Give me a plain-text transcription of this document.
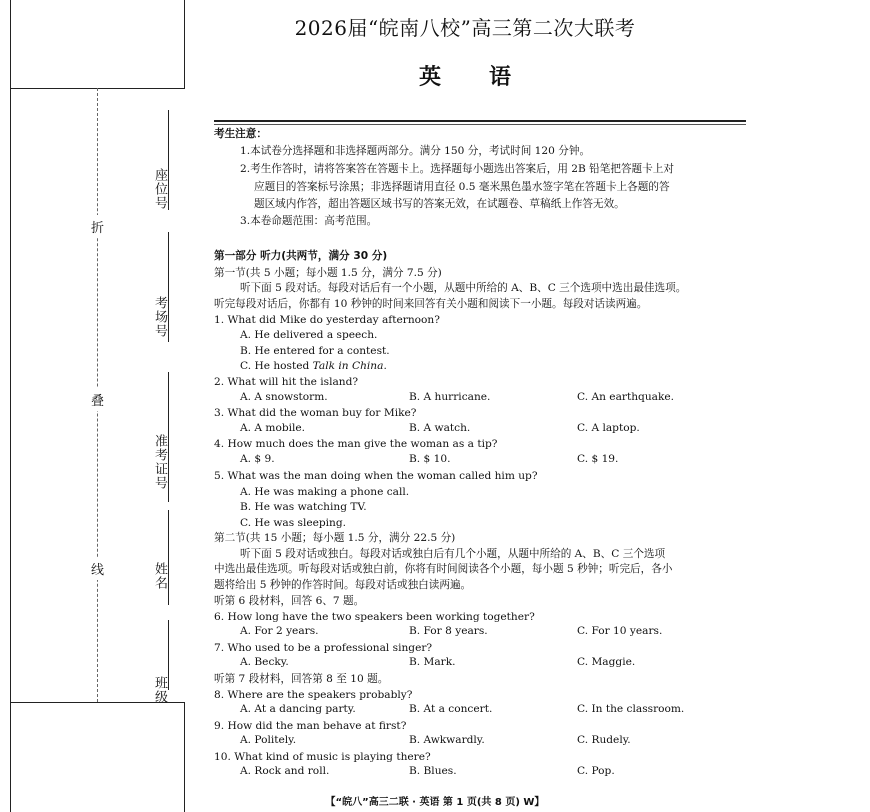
折
叠
线
座位号
考场号
准考证号
姓名
班级
2026届“皖南八校”高三第二次大联考
英 语
考生注意：
1.本试卷分选择题和非选择题两部分。满分 150 分，考试时间 120 分钟。
2.考生作答时，请将答案答在答题卡上。选择题每小题选出答案后，用 2B 铅笔把答题卡上对
应题目的答案标号涂黑；非选择题请用直径 0.5 毫米黑色墨水签字笔在答题卡上各题的答
题区域内作答，超出答题区域书写的答案无效，在试题卷、草稿纸上作答无效。
3.本卷命题范围：高考范围。
第一部分 听力(共两节，满分 30 分)
第一节(共 5 小题；每小题 1.5 分，满分 7.5 分)
听下面 5 段对话。每段对话后有一个小题，从题中所给的 A、B、C 三个选项中选出最佳选项。
听完每段对话后，你都有 10 秒钟的时间来回答有关小题和阅读下一小题。每段对话读两遍。
1. What did Mike do yesterday afternoon?
A. He delivered a speech.
B. He entered for a contest.
C. He hosted Talk in China.
2. What will hit the island?
A. A snowstorm.	B. A hurricane.	C. An earthquake.
3. What did the woman buy for Mike?
A. A mobile.	B. A watch.	C. A laptop.
4. How much does the man give the woman as a tip?
A. $ 9.	B. $ 10.	C. $ 19.
5. What was the man doing when the woman called him up?
A. He was making a phone call.
B. He was watching TV.
C. He was sleeping.
第二节(共 15 小题；每小题 1.5 分，满分 22.5 分)
听下面 5 段对话或独白。每段对话或独白后有几个小题，从题中所给的 A、B、C 三个选项
中选出最佳选项。听每段对话或独白前，你将有时间阅读各个小题，每小题 5 秒钟；听完后，各小
题将给出 5 秒钟的作答时间。每段对话或独白读两遍。
听第 6 段材料，回答 6、7 题。
6. How long have the two speakers been working together?
A. For 2 years.	B. For 8 years.	C. For 10 years.
7. Who used to be a professional singer?
A. Becky.	B. Mark.	C. Maggie.
听第 7 段材料，回答第 8 至 10 题。
8. Where are the speakers probably?
A. At a dancing party.	B. At a concert.	C. In the classroom.
9. How did the man behave at first?
A. Politely.	B. Awkwardly.	C. Rudely.
10. What kind of music is playing there?
A. Rock and roll.	B. Blues.	C. Pop.
【“皖八”高三二联 · 英语 第 1 页(共 8 页) W】
